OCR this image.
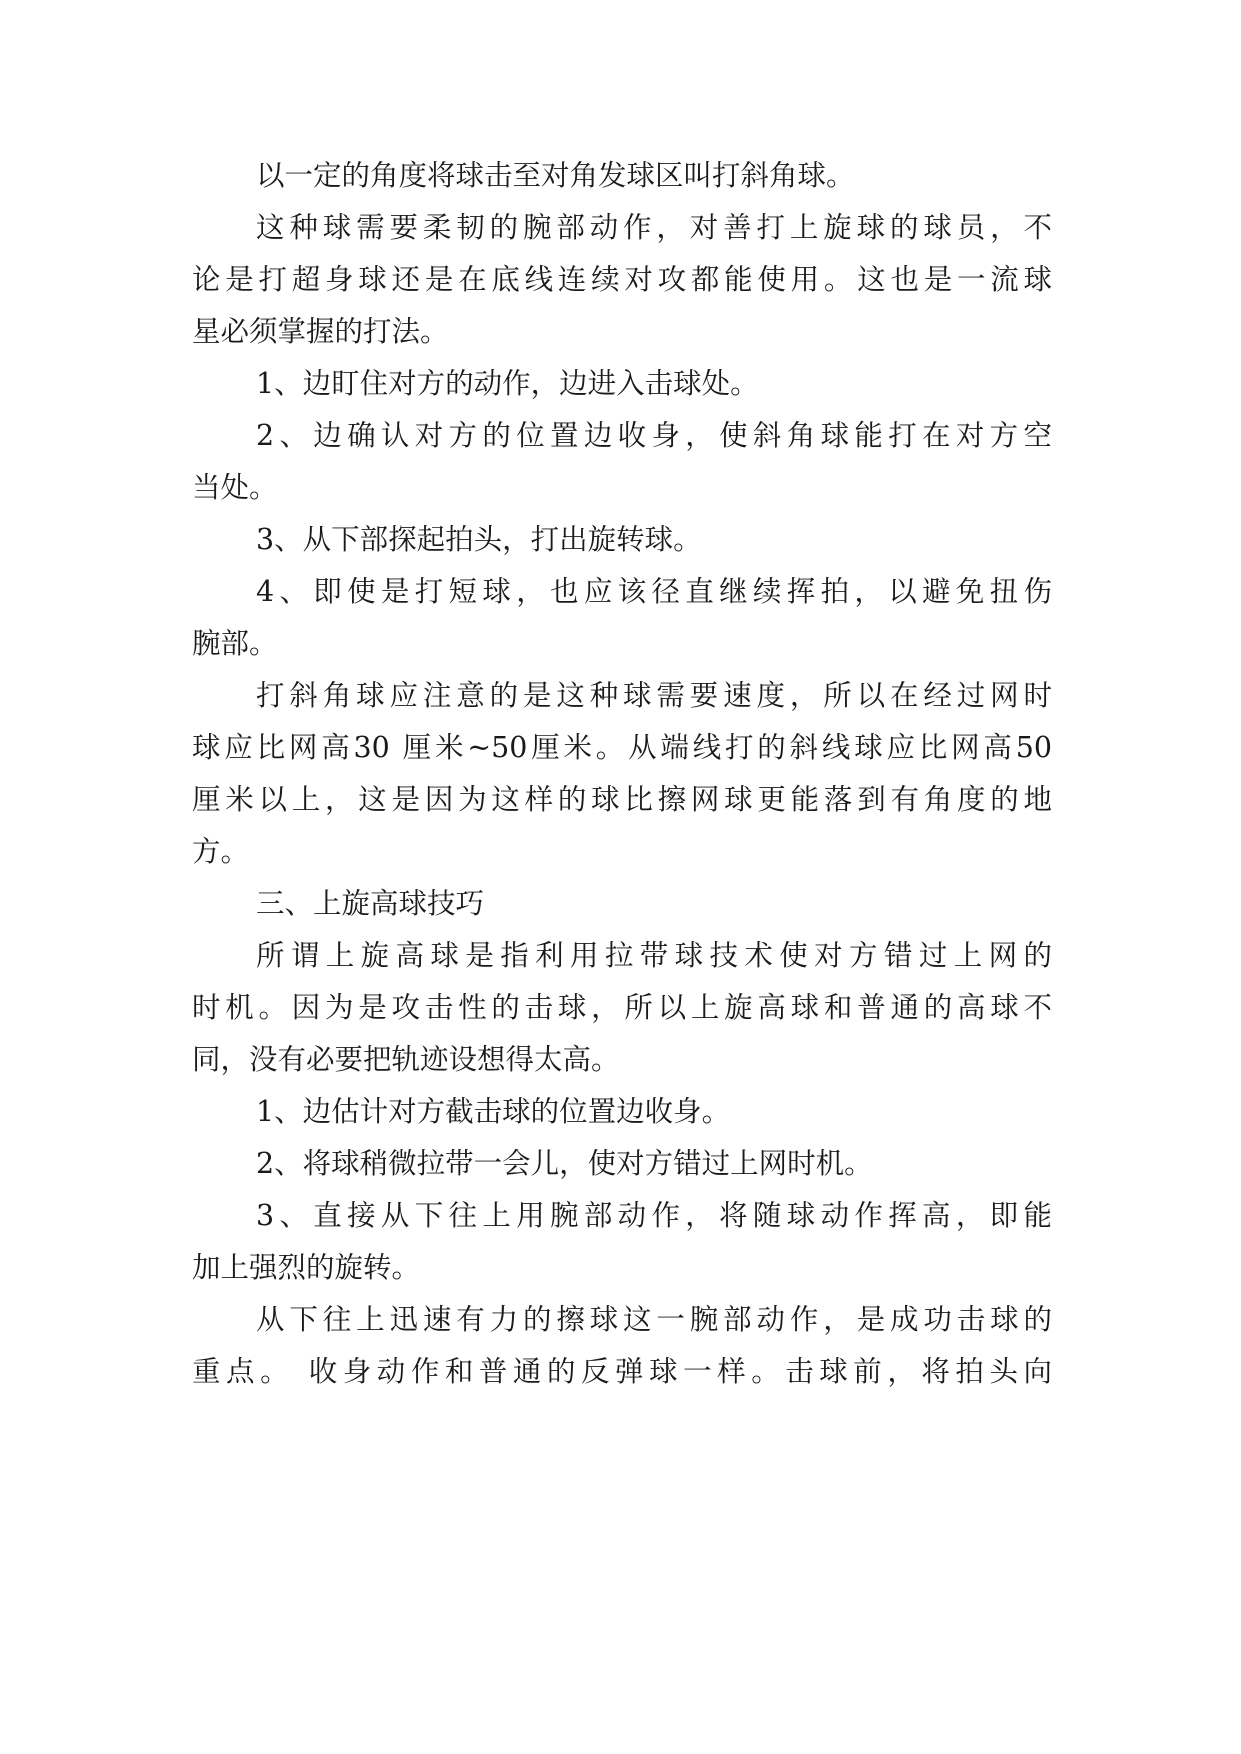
以一定的角度将球击至对角发球区叫打斜角球。
这种球需要柔韧的腕部动作，对善打上旋球的球员，不
论是打超身球还是在底线连续对攻都能使用。这也是一流球
星必须掌握的打法。
1、边盯住对方的动作，边进入击球处。
2、边确认对方的位置边收身，使斜角球能打在对方空
当处。
3、从下部探起拍头，打出旋转球。
4、即使是打短球，也应该径直继续挥拍，以避免扭伤
腕部。
打斜角球应注意的是这种球需要速度，所以在经过网时
球应比网高30 厘米~50厘米。从端线打的斜线球应比网高50
厘米以上，这是因为这样的球比擦网球更能落到有角度的地
方。
三、上旋高球技巧
所谓上旋高球是指利用拉带球技术使对方错过上网的
时机。因为是攻击性的击球，所以上旋高球和普通的高球不
同，没有必要把轨迹设想得太高。
1、边估计对方截击球的位置边收身。
2、将球稍微拉带一会儿，使对方错过上网时机。
3、直接从下往上用腕部动作，将随球动作挥高，即能
加上强烈的旋转。
从下往上迅速有力的擦球这一腕部动作，是成功击球的
重点。 收身动作和普通的反弹球一样。击球前，将拍头向
